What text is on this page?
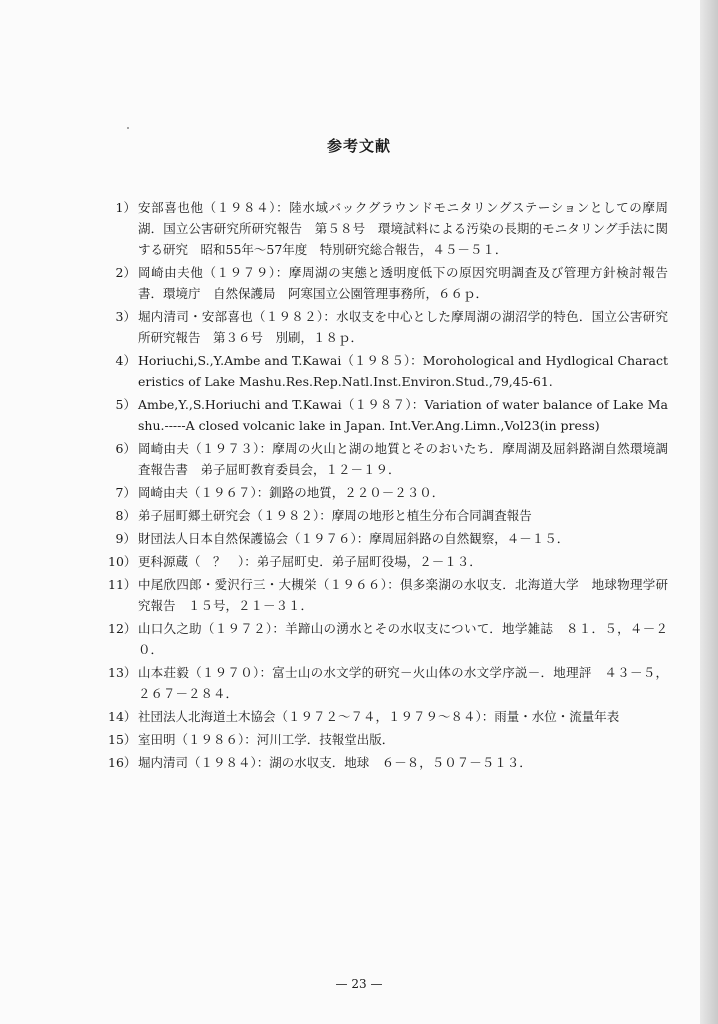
参考文献
1） 安部喜也他（１９８４）：陸水域バックグラウンドモニタリングステーションとしての摩周湖．国立公害研究所研究報告　第５８号　環境試料による汚染の長期的モニタリング手法に関する研究　昭和55年～57年度　特別研究総合報告，４５－５１．
2） 岡崎由夫他（１９７９）：摩周湖の実態と透明度低下の原因究明調査及び管理方針検討報告書．環境庁　自然保護局　阿寒国立公園管理事務所，６６ｐ．
3） 堀内清司・安部喜也（１９８２）：水収支を中心とした摩周湖の湖沼学的特色．国立公害研究所研究報告　第３６号　別刷，１８ｐ．
4） Horiuchi,S.,Y.Ambe and T.Kawai（１９８５）：Morohological and Hydlogical Characteristics of Lake Mashu.Res.Rep.Natl.Inst.Environ.Stud.,79,45-61.
5） Ambe,Y.,S.Horiuchi and T.Kawai（１９８７）：Variation of water balance of Lake Mashu.-----A closed volcanic lake in Japan. Int.Ver.Ang.Limn.,Vol23(in press)
6） 岡崎由夫（１９７３）：摩周の火山と湖の地質とそのおいたち．摩周湖及屈斜路湖自然環境調査報告書　弟子屈町教育委員会，１２－１９．
7） 岡崎由夫（１９６７）：釧路の地質，２２０－２３０．
8） 弟子屈町郷土研究会（１９８２）：摩周の地形と植生分布合同調査報告
9） 財団法人日本自然保護協会（１９７６）：摩周屈斜路の自然観察，４－１５．
10） 更科源蔵（　？　）：弟子屈町史．弟子屈町役場，２－１３．
11） 中尾欣四郎・愛沢行三・大槻栄（１９６６）：倶多楽湖の水収支．北海道大学　地球物理学研究報告　１５号，２１－３１．
12） 山口久之助（１９７２）：羊蹄山の湧水とその水収支について．地学雑誌　８１．５，４－２０．
13） 山本荘毅（１９７０）：富士山の水文学的研究－火山体の水文学序説－．地理評　４３－５，２６７－２８４．
14） 社団法人北海道土木協会（１９７２～７４，１９７９～８４）：雨量・水位・流量年表
15） 室田明（１９８６）：河川工学．技報堂出版．
16） 堀内清司（１９８４）：湖の水収支．地球　６－８，５０７－５１３．
— 23 —
